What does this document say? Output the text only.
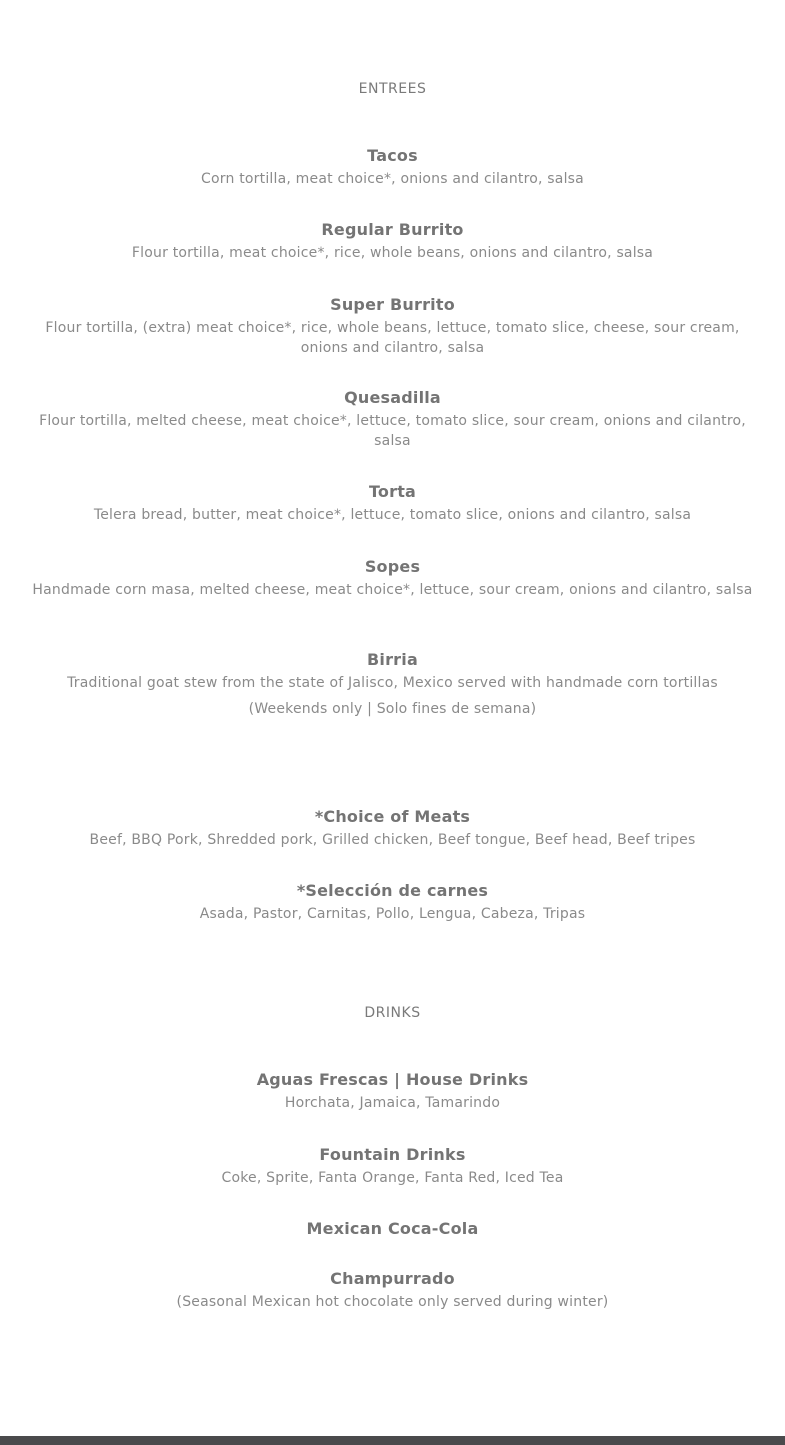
ENTREES
Tacos
Corn tortilla, meat choice*, onions and cilantro, salsa
Regular Burrito
Flour tortilla, meat choice*, rice, whole beans, onions and cilantro, salsa
Super Burrito
Flour tortilla, (extra) meat choice*, rice, whole beans, lettuce, tomato slice, cheese, sour cream, onions and cilantro, salsa
Quesadilla
Flour tortilla, melted cheese, meat choice*, lettuce, tomato slice, sour cream, onions and cilantro, salsa
Torta
Telera bread, butter, meat choice*, lettuce, tomato slice, onions and cilantro, salsa
Sopes
Handmade corn masa, melted cheese, meat choice*, lettuce, sour cream, onions and cilantro, salsa
Birria
Traditional goat stew from the state of Jalisco, Mexico served with handmade corn tortillas
(Weekends only | Solo fines de semana)
*Choice of Meats
Beef, BBQ Pork, Shredded pork, Grilled chicken, Beef tongue, Beef head, Beef tripes
*Selección de carnes
Asada, Pastor, Carnitas, Pollo, Lengua, Cabeza, Tripas
DRINKS
Aguas Frescas | House Drinks
Horchata, Jamaica, Tamarindo
Fountain Drinks
Coke, Sprite, Fanta Orange, Fanta Red, Iced Tea
Mexican Coca-Cola
Champurrado
(Seasonal Mexican hot chocolate only served during winter)
